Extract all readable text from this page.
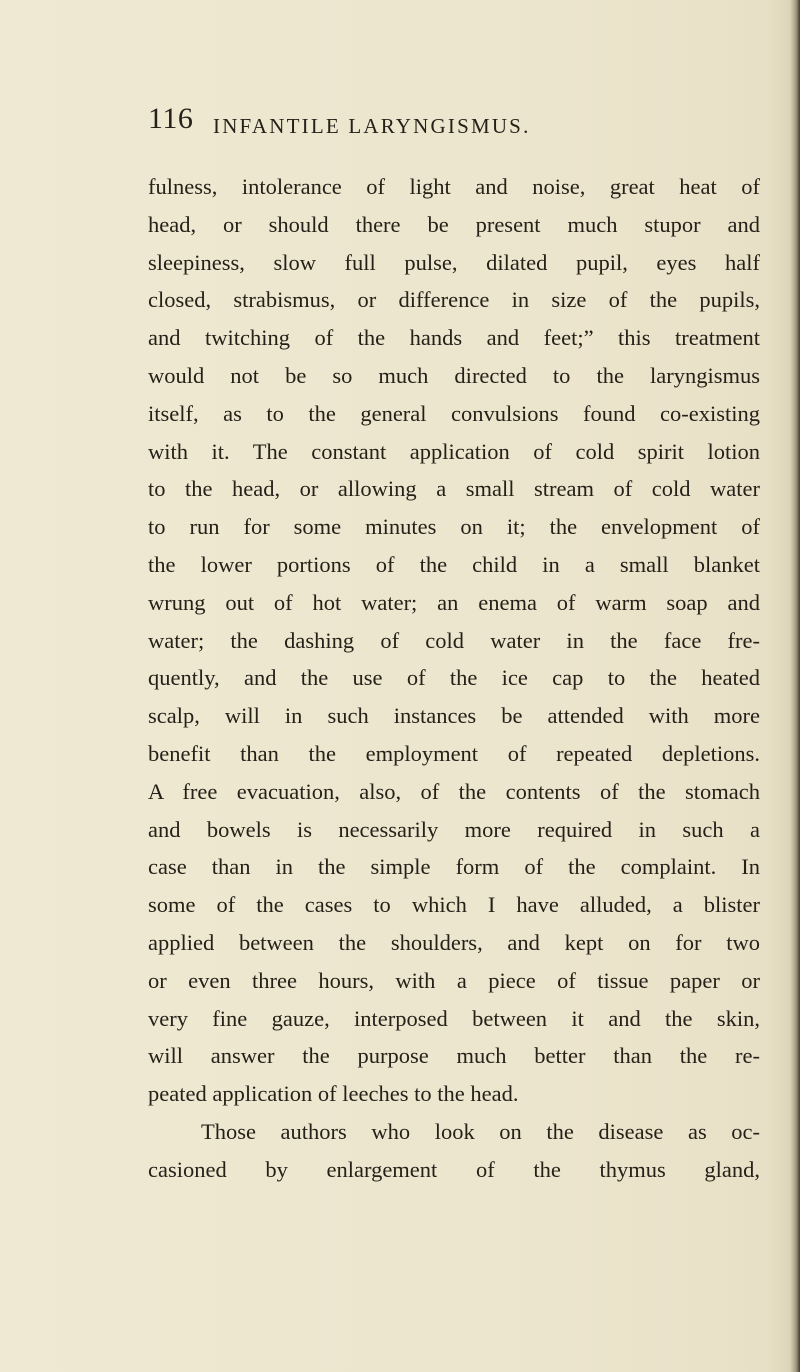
116 INFANTILE LARYNGISMUS.
fulness, intolerance of light and noise, great heat of
head, or should there be present much stupor and
sleepiness, slow full pulse, dilated pupil, eyes half
closed, strabismus, or difference in size of the pupils,
and twitching of the hands and feet;” this treatment
would not be so much directed to the laryngismus
itself, as to the general convulsions found co-existing
with it. The constant application of cold spirit lotion
to the head, or allowing a small stream of cold water
to run for some minutes on it; the envelopment of
the lower portions of the child in a small blanket
wrung out of hot water; an enema of warm soap and
water; the dashing of cold water in the face fre-
quently, and the use of the ice cap to the heated
scalp, will in such instances be attended with more
benefit than the employment of repeated depletions.
A free evacuation, also, of the contents of the stomach
and bowels is necessarily more required in such a
case than in the simple form of the complaint. In
some of the cases to which I have alluded, a blister
applied between the shoulders, and kept on for two
or even three hours, with a piece of tissue paper or
very fine gauze, interposed between it and the skin,
will answer the purpose much better than the re-
peated application of leeches to the head.
Those authors who look on the disease as oc-
casioned by enlargement of the thymus gland,
